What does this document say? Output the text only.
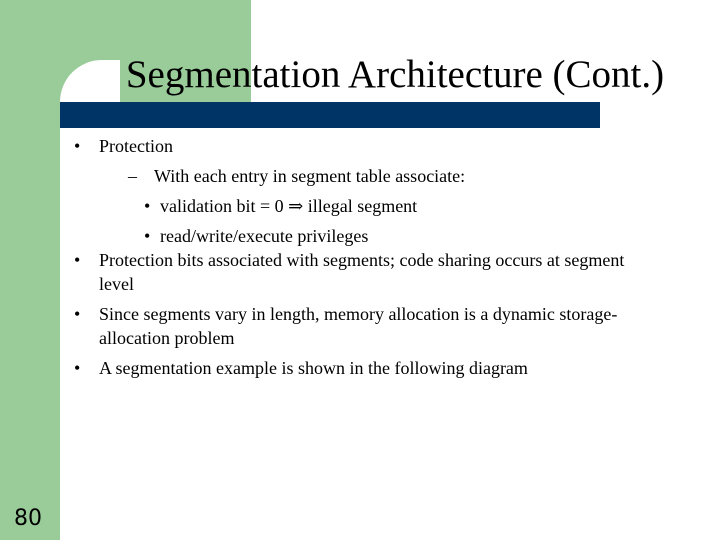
Segmentation Architecture (Cont.)
• Protection
– With each entry in segment table associate:
• validation bit = 0 ⇒ illegal segment
• read/write/execute privileges
• Protection bits associated with segments; code sharing occurs at segment level
• Since segments vary in length, memory allocation is a dynamic storage-allocation problem
• A segmentation example is shown in the following diagram
80
